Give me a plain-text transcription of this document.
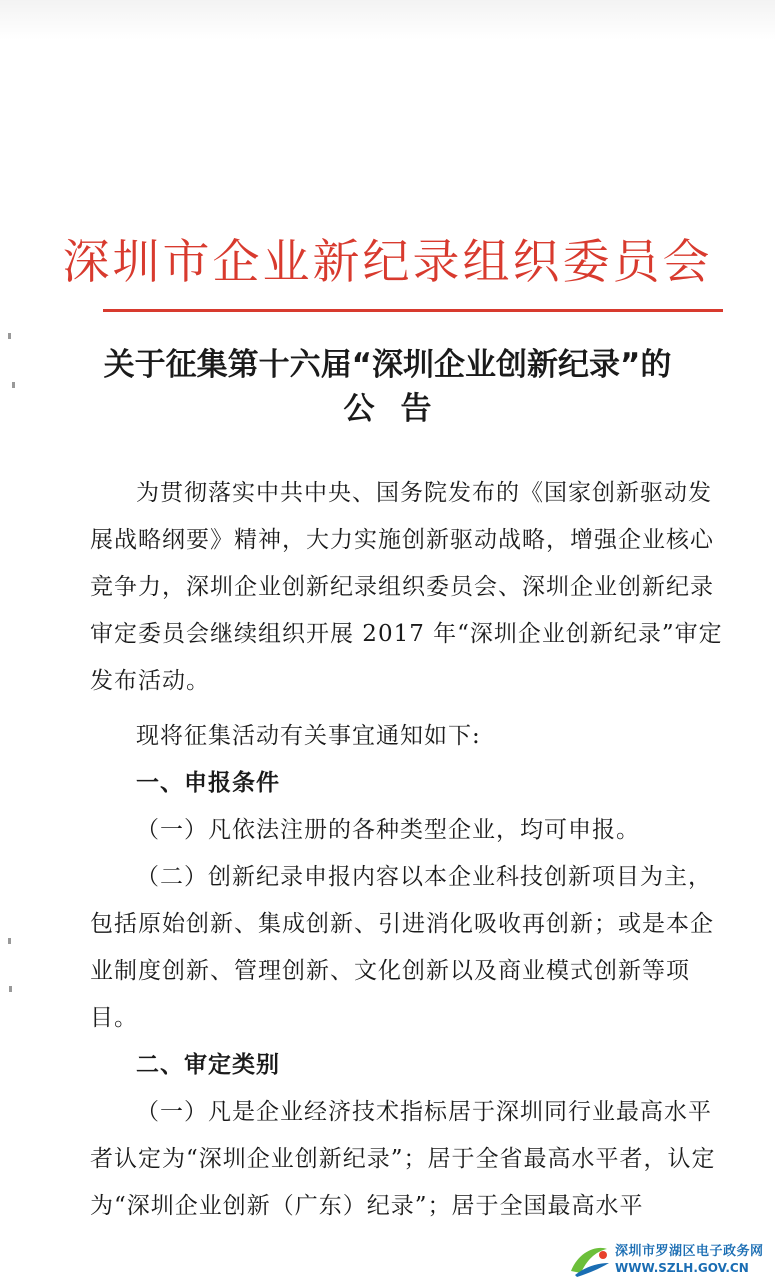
深圳市企业新纪录组织委员会
关于征集第十六届“深圳企业创新纪录”的
公告

为贯彻落实中共中央、国务院发布的《国家创新驱动发展战略纲要》精神，大力实施创新驱动战略，增强企业核心竞争力，深圳企业创新纪录组织委员会、深圳企业创新纪录审定委员会继续组织开展 2017 年“深圳企业创新纪录”审定发布活动。

现将征集活动有关事宜通知如下:

一、申报条件

（一）凡依法注册的各种类型企业，均可申报。

（二）创新纪录申报内容以本企业科技创新项目为主，包括原始创新、集成创新、引进消化吸收再创新；或是本企业制度创新、管理创新、文化创新以及商业模式创新等项目。

二、审定类别

（一）凡是企业经济技术指标居于深圳同行业最高水平者认定为“深圳企业创新纪录”；居于全省最高水平者，认定为“深圳企业创新（广东）纪录”；居于全国最高水平

深圳市罗湖区电子政务网
WWW.SZLH.GOV.CN
